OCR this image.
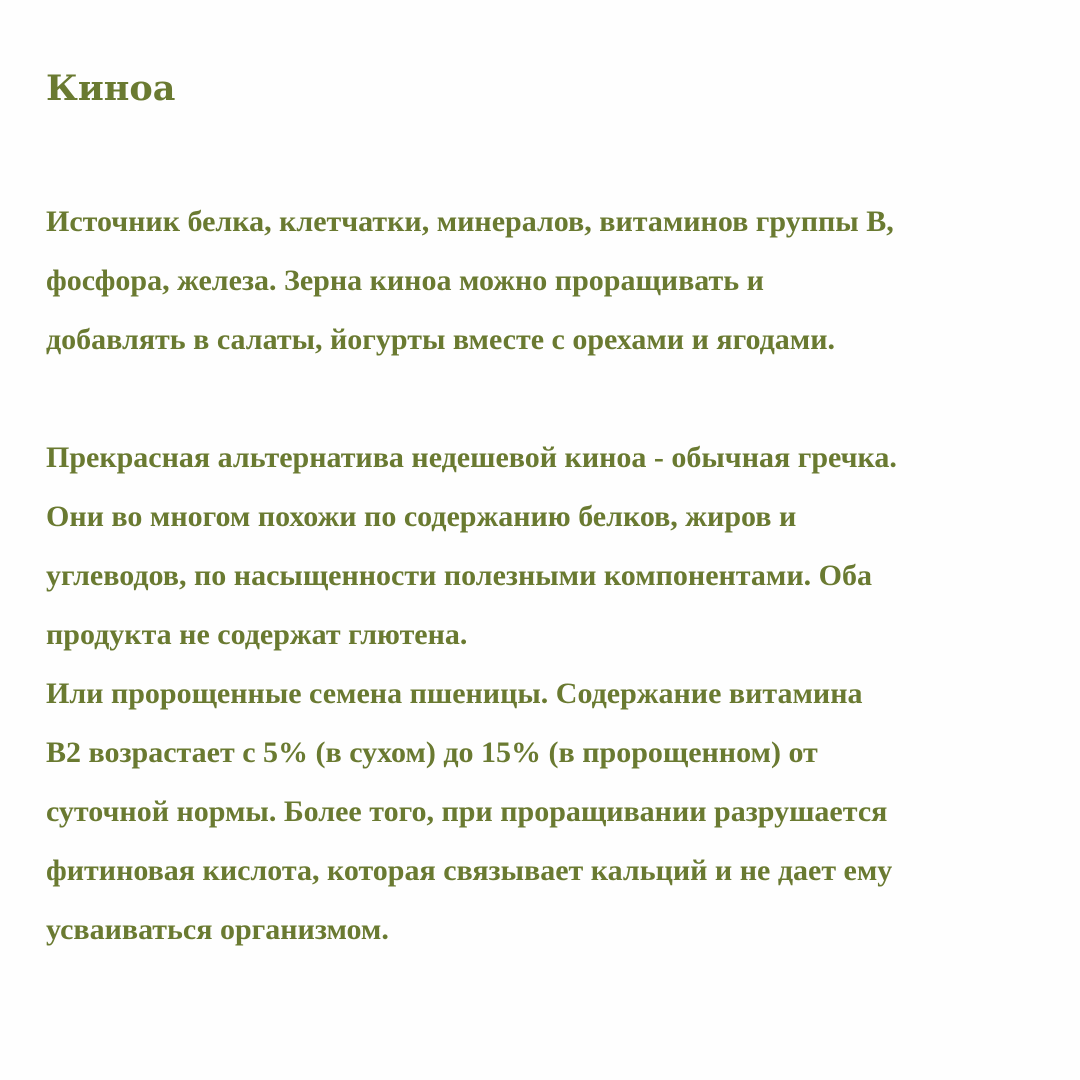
Киноа

Источник белка, клетчатки, минералов, витаминов группы В,

фосфора, железа. Зерна киноа можно проращивать и

добавлять в салаты, йогурты вместе с орехами и ягодами.

Прекрасная альтернатива недешевой киноа - обычная гречка.

Они во многом похожи по содержанию белков, жиров и

углеводов, по насыщенности полезными компонентами. Оба

продукта не содержат глютена.

Или пророщенные семена пшеницы. Содержание витамина

В2 возрастает с 5% (в сухом) до 15% (в пророщенном) от

суточной нормы. Более того, при проращивании разрушается

фитиновая кислота, которая связывает кальций и не дает ему

усваиваться организмом.
